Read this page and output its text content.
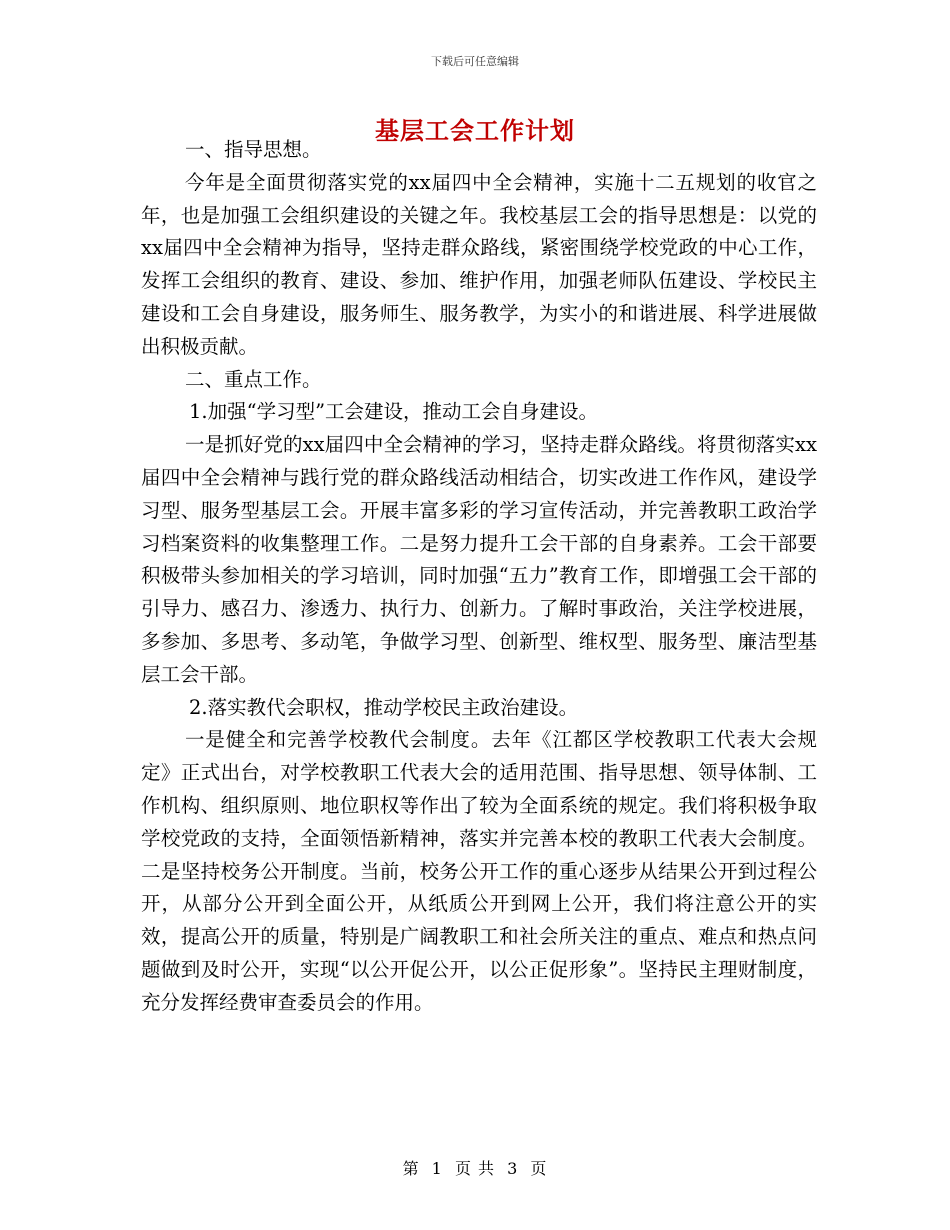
下载后可任意编辑
基层工会工作计划

一、指导思想。

今年是全面贯彻落实党的xx届四中全会精神，实施十二五规划的收官之年，也是加强工会组织建设的关键之年。我校基层工会的指导思想是：以党的xx届四中全会精神为指导，坚持走群众路线，紧密围绕学校党政的中心工作，发挥工会组织的教育、建设、参加、维护作用，加强老师队伍建设、学校民主建设和工会自身建设，服务师生、服务教学，为实小的和谐进展、科学进展做出积极贡献。

二、重点工作。

1.加强“学习型”工会建设，推动工会自身建设。

一是抓好党的xx届四中全会精神的学习，坚持走群众路线。将贯彻落实xx届四中全会精神与践行党的群众路线活动相结合，切实改进工作作风，建设学习型、服务型基层工会。开展丰富多彩的学习宣传活动，并完善教职工政治学习档案资料的收集整理工作。二是努力提升工会干部的自身素养。工会干部要积极带头参加相关的学习培训，同时加强“五力”教育工作，即增强工会干部的引导力、感召力、渗透力、执行力、创新力。了解时事政治，关注学校进展，多参加、多思考、多动笔，争做学习型、创新型、维权型、服务型、廉洁型基层工会干部。

2.落实教代会职权，推动学校民主政治建设。

一是健全和完善学校教代会制度。去年《江都区学校教职工代表大会规定》正式出台，对学校教职工代表大会的适用范围、指导思想、领导体制、工作机构、组织原则、地位职权等作出了较为全面系统的规定。我们将积极争取学校党政的支持，全面领悟新精神，落实并完善本校的教职工代表大会制度。二是坚持校务公开制度。当前，校务公开工作的重心逐步从结果公开到过程公开，从部分公开到全面公开，从纸质公开到网上公开，我们将注意公开的实效，提高公开的质量，特别是广阔教职工和社会所关注的重点、难点和热点问题做到及时公开，实现“以公开促公开，以公正促形象”。坚持民主理财制度，充分发挥经费审查委员会的作用。

第 1 页 共 3 页
